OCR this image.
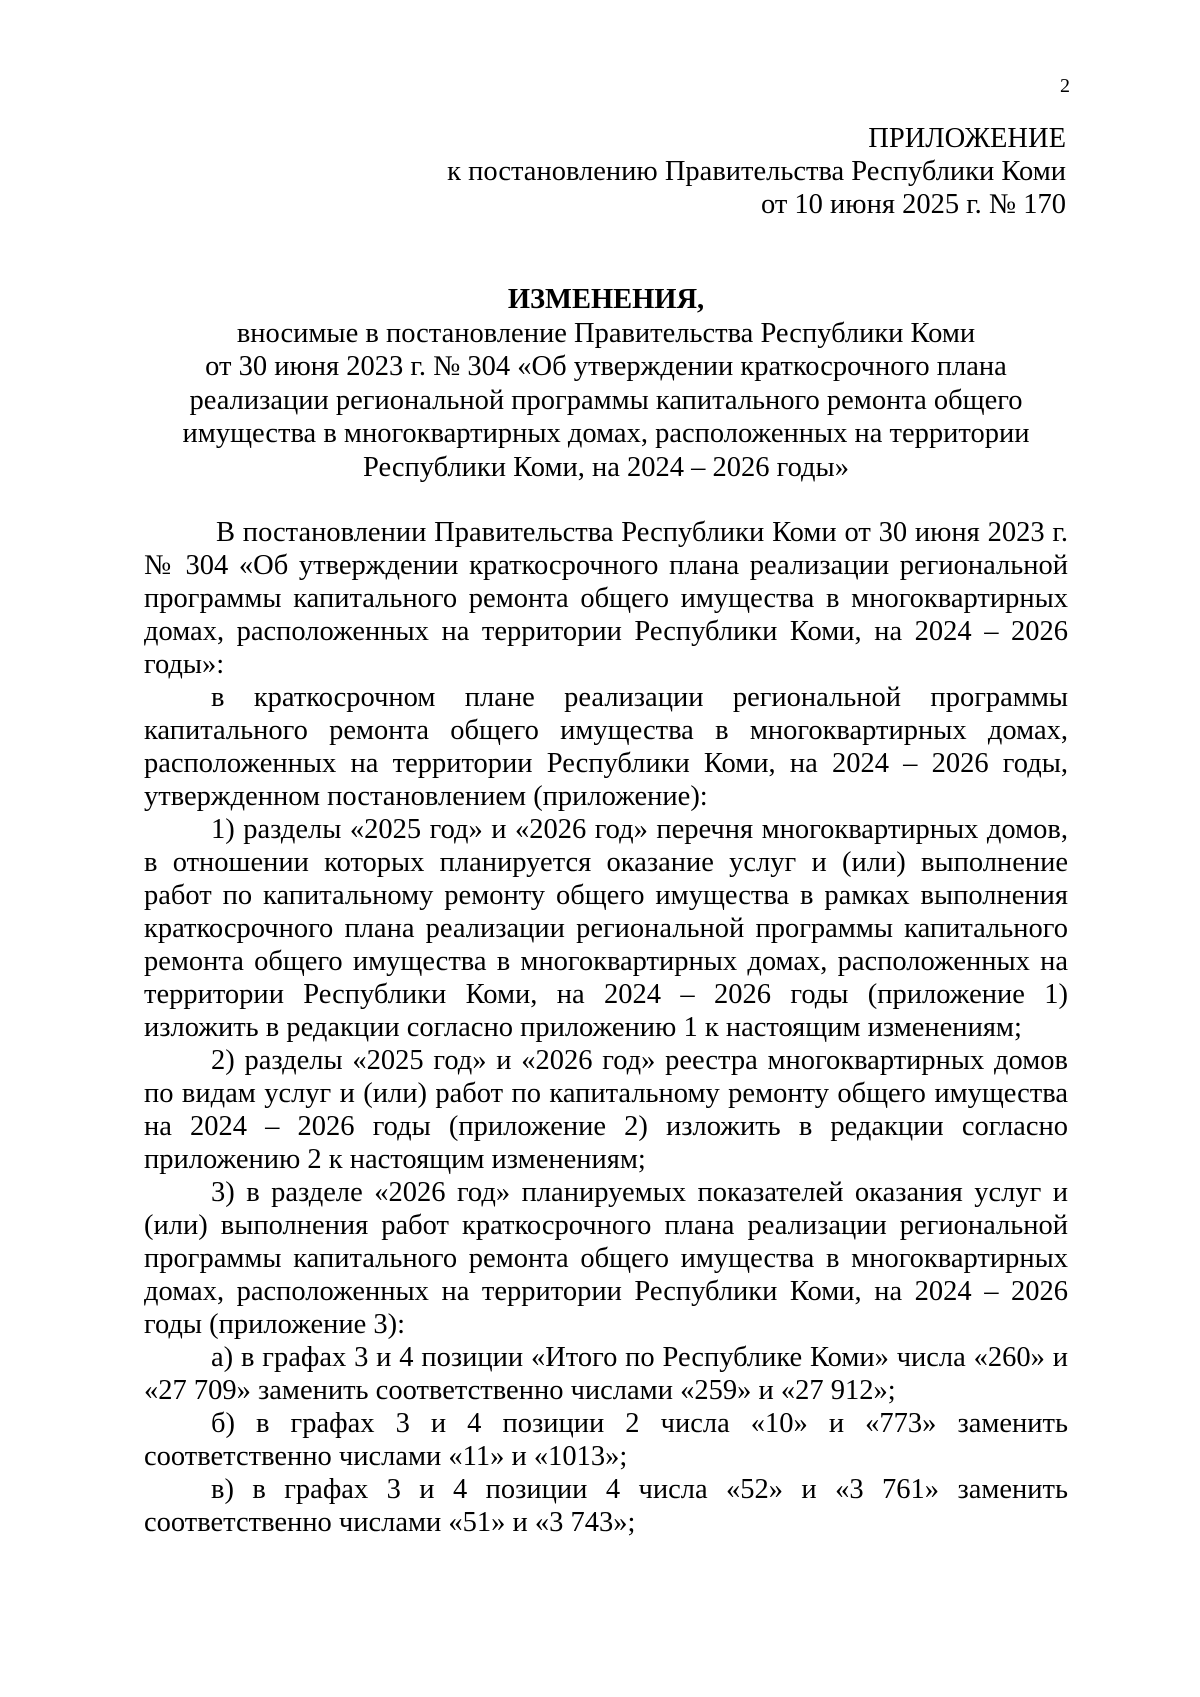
2
ПРИЛОЖЕНИЕ
к постановлению Правительства Республики Коми
от 10 июня 2025 г. № 170
ИЗМЕНЕНИЯ,
вносимые в постановление Правительства Республики Коми
от 30 июня 2023 г. № 304 «Об утверждении краткосрочного плана
реализации региональной программы капитального ремонта общего
имущества в многоквартирных домах, расположенных на территории
Республики Коми, на 2024 – 2026 годы»

В постановлении Правительства Республики Коми от 30 июня 2023 г. № 304 «Об утверждении краткосрочного плана реализации региональной программы капитального ремонта общего имущества в многоквартирных домах, расположенных на территории Республики Коми, на 2024 – 2026 годы»:

в краткосрочном плане реализации региональной программы капитального ремонта общего имущества в многоквартирных домах, расположенных на территории Республики Коми, на 2024 – 2026 годы, утвержденном постановлением (приложение):

1) разделы «2025 год» и «2026 год» перечня многоквартирных домов, в отношении которых планируется оказание услуг и (или) выполнение работ по капитальному ремонту общего имущества в рамках выполнения краткосрочного плана реализации региональной программы капитального ремонта общего имущества в многоквартирных домах, расположенных на территории Республики Коми, на 2024 – 2026 годы (приложение 1) изложить в редакции согласно приложению 1 к настоящим изменениям;

2) разделы «2025 год» и «2026 год» реестра многоквартирных домов по видам услуг и (или) работ по капитальному ремонту общего имущества на 2024 – 2026 годы (приложение 2) изложить в редакции согласно приложению 2 к настоящим изменениям;

3) в разделе «2026 год» планируемых показателей оказания услуг и (или) выполнения работ краткосрочного плана реализации региональной программы капитального ремонта общего имущества в многоквартирных домах, расположенных на территории Республики Коми, на 2024 – 2026 годы (приложение 3):

а) в графах 3 и 4 позиции «Итого по Республике Коми» числа «260» и «27 709» заменить соответственно числами «259» и «27 912»;

б) в графах 3 и 4 позиции 2 числа «10» и «773» заменить соответственно числами «11» и «1013»;

в) в графах 3 и 4 позиции 4 числа «52» и «3 761» заменить соответственно числами «51» и «3 743»;
